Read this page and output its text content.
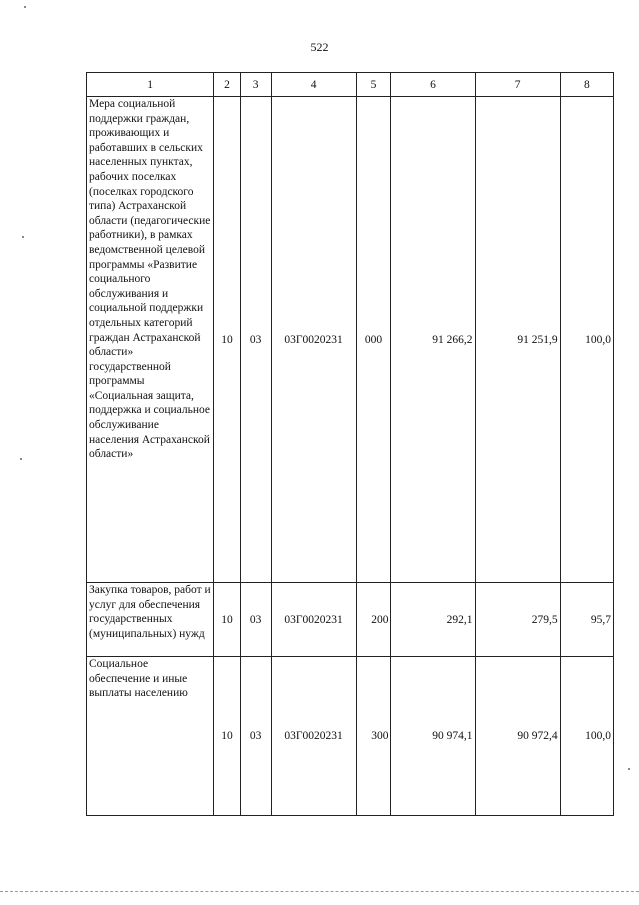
522
1	2	3	4	5	6	7	8
Мера социальной поддержки граждан, проживающих и работавших в сельских населенных пунктах, рабочих поселках (поселках городского типа) Астраханской области (педагогические работники), в рамках ведомственной целевой программы «Развитие социального обслуживания и социальной поддержки отдельных категорий граждан Астраханской области» государственной программы «Социальная защита, поддержка и социальное обслуживание населения Астраханской области»	10	03	03Г0020231	000	91 266,2	91 251,9	100,0
Закупка товаров, работ и услуг для обеспечения государственных (муниципальных) нужд	10	03	03Г0020231	200	292,1	279,5	95,7
Социальное обеспечение и иные выплаты населению	10	03	03Г0020231	300	90 974,1	90 972,4	100,0
